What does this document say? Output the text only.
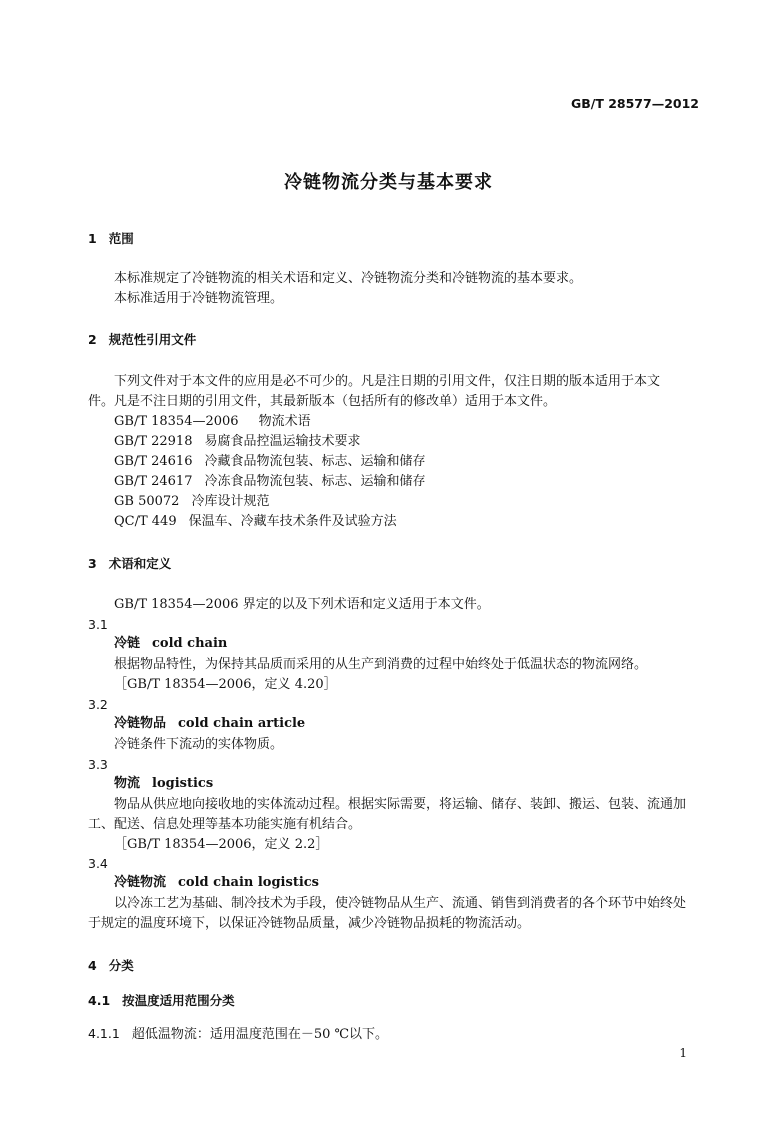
GB/T 28577—2012
冷链物流分类与基本要求
1 范围
本标准规定了冷链物流的相关术语和定义、冷链物流分类和冷链物流的基本要求。
本标准适用于冷链物流管理。
2 规范性引用文件
下列文件对于本文件的应用是必不可少的。凡是注日期的引用文件，仅注日期的版本适用于本文
件。凡是不注日期的引用文件，其最新版本（包括所有的修改单）适用于本文件。
GB/T 18354—2006 物流术语
GB/T 22918 易腐食品控温运输技术要求
GB/T 24616 冷藏食品物流包装、标志、运输和储存
GB/T 24617 冷冻食品物流包装、标志、运输和储存
GB 50072 冷库设计规范
QC/T 449 保温车、冷藏车技术条件及试验方法
3 术语和定义
GB/T 18354—2006 界定的以及下列术语和定义适用于本文件。
3.1
冷链 cold chain
根据物品特性，为保持其品质而采用的从生产到消费的过程中始终处于低温状态的物流网络。
［GB/T 18354—2006，定义 4.20］
3.2
冷链物品 cold chain article
冷链条件下流动的实体物质。
3.3
物流 logistics
物品从供应地向接收地的实体流动过程。根据实际需要，将运输、储存、装卸、搬运、包装、流通加
工、配送、信息处理等基本功能实施有机结合。
［GB/T 18354—2006，定义 2.2］
3.4
冷链物流 cold chain logistics
以冷冻工艺为基础、制冷技术为手段，使冷链物品从生产、流通、销售到消费者的各个环节中始终处
于规定的温度环境下，以保证冷链物品质量，减少冷链物品损耗的物流活动。
4 分类
4.1 按温度适用范围分类
4.1.1 超低温物流：适用温度范围在－50 ℃以下。
1
